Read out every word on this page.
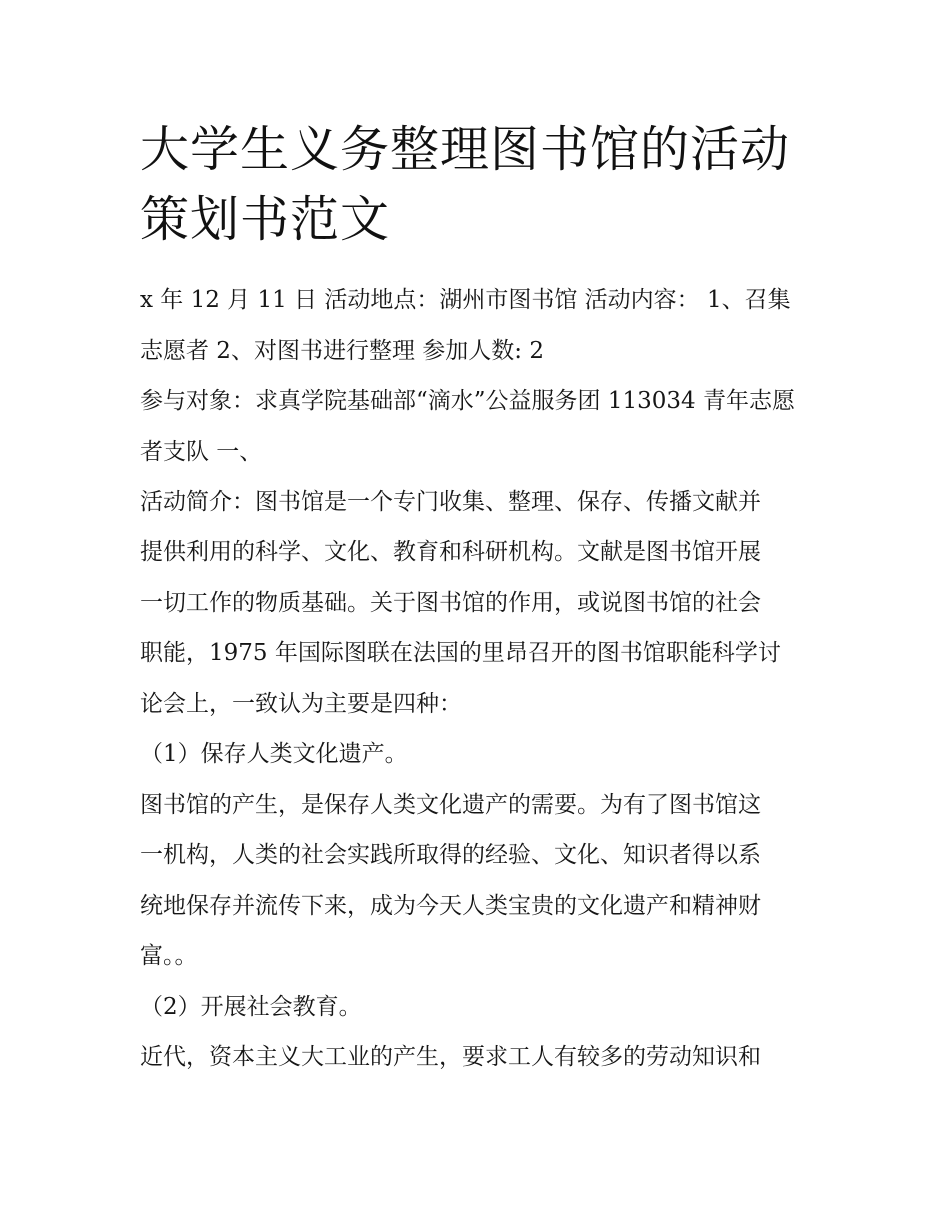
大学生义务整理图书馆的活动
策划书范文

x 年 12 月 11 日 活动地点：湖州市图书馆 活动内容： 1、召集

志愿者 2、对图书进行整理 参加人数: 2

参与对象：求真学院基础部“滴水”公益服务团 113034 青年志愿

者支队 一、

活动简介：图书馆是一个专门收集、整理、保存、传播文献并

提供利用的科学、文化、教育和科研机构。文献是图书馆开展

一切工作的物质基础。关于图书馆的作用，或说图书馆的社会

职能，1975 年国际图联在法国的里昂召开的图书馆职能科学讨

论会上，一致认为主要是四种：

（1）保存人类文化遗产。

图书馆的产生，是保存人类文化遗产的需要。为有了图书馆这

一机构，人类的社会实践所取得的经验、文化、知识者得以系

统地保存并流传下来，成为今天人类宝贵的文化遗产和精神财

富。。

（2）开展社会教育。

近代，资本主义大工业的产生，要求工人有较多的劳动知识和
